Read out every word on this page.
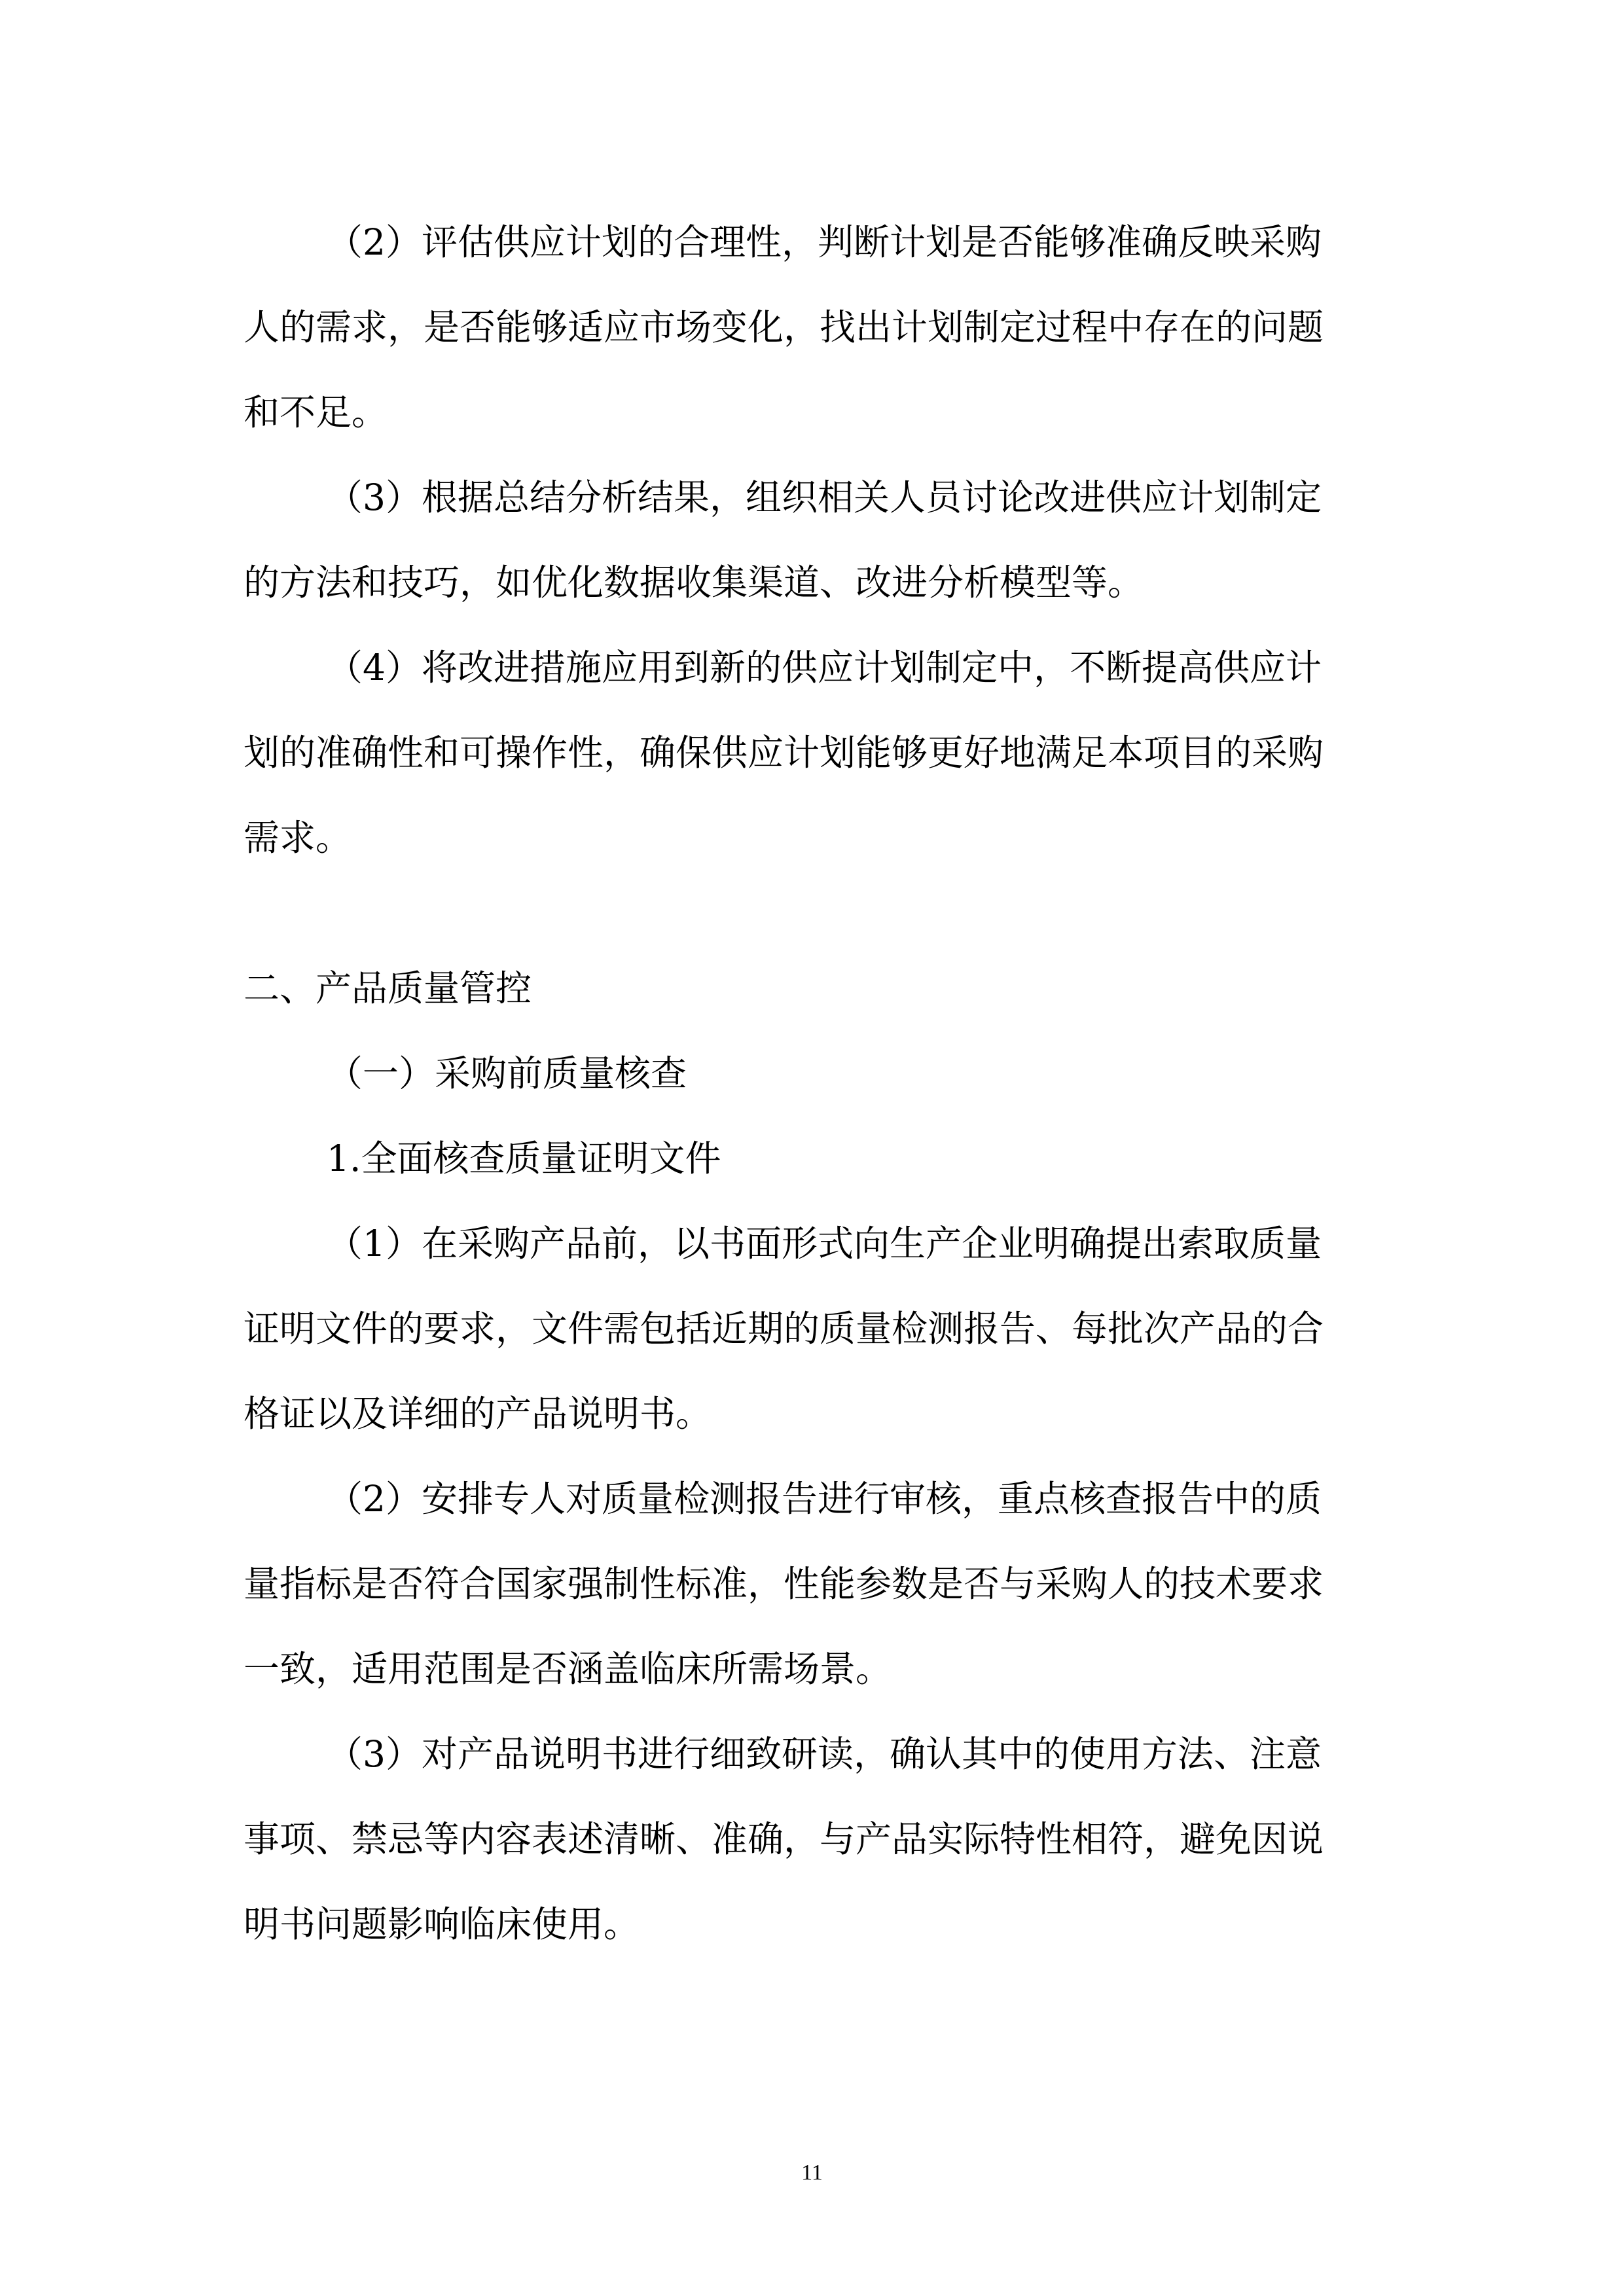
（2）评估供应计划的合理性，判断计划是否能够准确反映采购
人的需求，是否能够适应市场变化，找出计划制定过程中存在的问题
和不足。
（3）根据总结分析结果，组织相关人员讨论改进供应计划制定
的方法和技巧，如优化数据收集渠道、改进分析模型等。
（4）将改进措施应用到新的供应计划制定中，不断提高供应计
划的准确性和可操作性，确保供应计划能够更好地满足本项目的采购
需求。
二、产品质量管控
（一）采购前质量核查
1.全面核查质量证明文件
（1）在采购产品前，以书面形式向生产企业明确提出索取质量
证明文件的要求，文件需包括近期的质量检测报告、每批次产品的合
格证以及详细的产品说明书。
（2）安排专人对质量检测报告进行审核，重点核查报告中的质
量指标是否符合国家强制性标准，性能参数是否与采购人的技术要求
一致，适用范围是否涵盖临床所需场景。
（3）对产品说明书进行细致研读，确认其中的使用方法、注意
事项、禁忌等内容表述清晰、准确，与产品实际特性相符，避免因说
明书问题影响临床使用。
11
